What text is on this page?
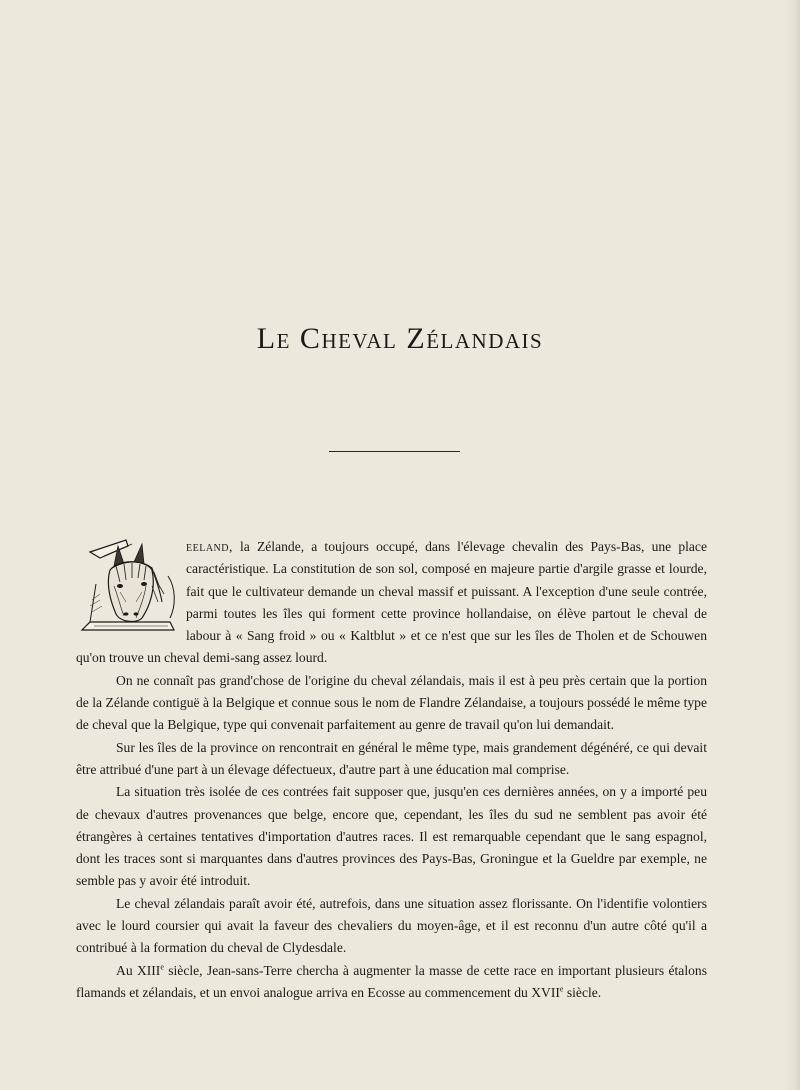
Le Cheval Zélandais

eeland, la Zélande, a toujours occupé, dans l'élevage chevalin des Pays-Bas, une place caractéristique. La constitution de son sol, composé en majeure partie d'argile grasse et lourde, fait que le cultivateur demande un cheval massif et puissant. A l'exception d'une seule contrée, parmi toutes les îles qui forment cette province hollandaise, on élève partout le cheval de labour à « Sang froid » ou « Kaltblut » et ce n'est que sur les îles de Tholen et de Schouwen qu'on trouve un cheval demi-sang assez lourd.

On ne connaît pas grand'chose de l'origine du cheval zélandais, mais il est à peu près certain que la portion de la Zélande contiguë à la Belgique et connue sous le nom de Flandre Zélandaise, a toujours possédé le même type de cheval que la Belgique, type qui convenait parfaitement au genre de travail qu'on lui demandait.

Sur les îles de la province on rencontrait en général le même type, mais grandement dégénéré, ce qui devait être attribué d'une part à un élevage défectueux, d'autre part à une éducation mal comprise.

La situation très isolée de ces contrées fait supposer que, jusqu'en ces dernières années, on y a importé peu de chevaux d'autres provenances que belge, encore que, cependant, les îles du sud ne semblent pas avoir été étrangères à certaines tentatives d'importation d'autres races. Il est remarquable cependant que le sang espagnol, dont les traces sont si marquantes dans d'autres provinces des Pays-Bas, Groningue et la Gueldre par exemple, ne semble pas y avoir été introduit.

Le cheval zélandais paraît avoir été, autrefois, dans une situation assez florissante. On l'identifie volontiers avec le lourd coursier qui avait la faveur des chevaliers du moyen-âge, et il est reconnu d'un autre côté qu'il a contribué à la formation du cheval de Clydesdale.

Au XIIIe siècle, Jean-sans-Terre chercha à augmenter la masse de cette race en important plusieurs étalons flamands et zélandais, et un envoi analogue arriva en Ecosse au commencement du XVIIe siècle.
